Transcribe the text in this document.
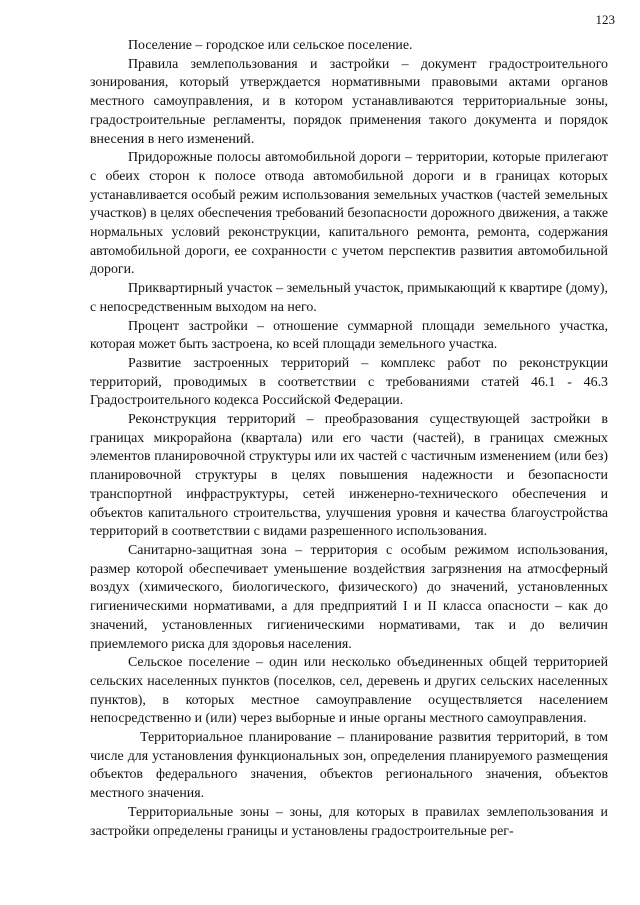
123

Поселение – городское или сельское поселение.

Правила землепользования и застройки – документ градостроительного зонирования, который утверждается нормативными правовыми актами органов местного самоуправления, и в котором устанавливаются территориальные зоны, градостроительные регламенты, порядок применения такого документа и порядок внесения в него изменений.

Придорожные полосы автомобильной дороги – территории, которые прилегают с обеих сторон к полосе отвода автомобильной дороги и в границах которых устанавливается особый режим использования земельных участков (частей земельных участков) в целях обеспечения требований безопасности дорожного движения, а также нормальных условий реконструкции, капитального ремонта, ремонта, содержания автомобильной дороги, ее сохранности с учетом перспектив развития автомобильной дороги.

Приквартирный участок – земельный участок, примыкающий к квартире (дому), с непосредственным выходом на него.

Процент застройки – отношение суммарной площади земельного участка, которая может быть застроена, ко всей площади земельного участка.

Развитие застроенных территорий – комплекс работ по реконструкции территорий, проводимых в соответствии с требованиями статей 46.1 - 46.3 Градостроительного кодекса Российской Федерации.

Реконструкция территорий – преобразования существующей застройки в границах микрорайона (квартала) или его части (частей), в границах смежных элементов планировочной структуры или их частей с частичным изменением (или без) планировочной структуры в целях повышения надежности и безопасности транспортной инфраструктуры, сетей инженерно-технического обеспечения и объектов капитального строительства, улучшения уровня и качества благоустройства территорий в соответствии с видами разрешенного использования.

Санитарно-защитная зона – территория с особым режимом использования, размер которой обеспечивает уменьшение воздействия загрязнения на атмосферный воздух (химического, биологического, физического) до значений, установленных гигиеническими нормативами, а для предприятий I и II класса опасности – как до значений, установленных гигиеническими нормативами, так и до величин приемлемого риска для здоровья населения.

Сельское поселение – один или несколько объединенных общей территорией сельских населенных пунктов (поселков, сел, деревень и других сельских населенных пунктов), в которых местное самоуправление осуществляется населением непосредственно и (или) через выборные и иные органы местного самоуправления.

Территориальное планирование – планирование развития территорий, в том числе для установления функциональных зон, определения планируемого размещения объектов федерального значения, объектов регионального значения, объектов местного значения.

Территориальные зоны – зоны, для которых в правилах землепользования и застройки определены границы и установлены градостроительные рег-
